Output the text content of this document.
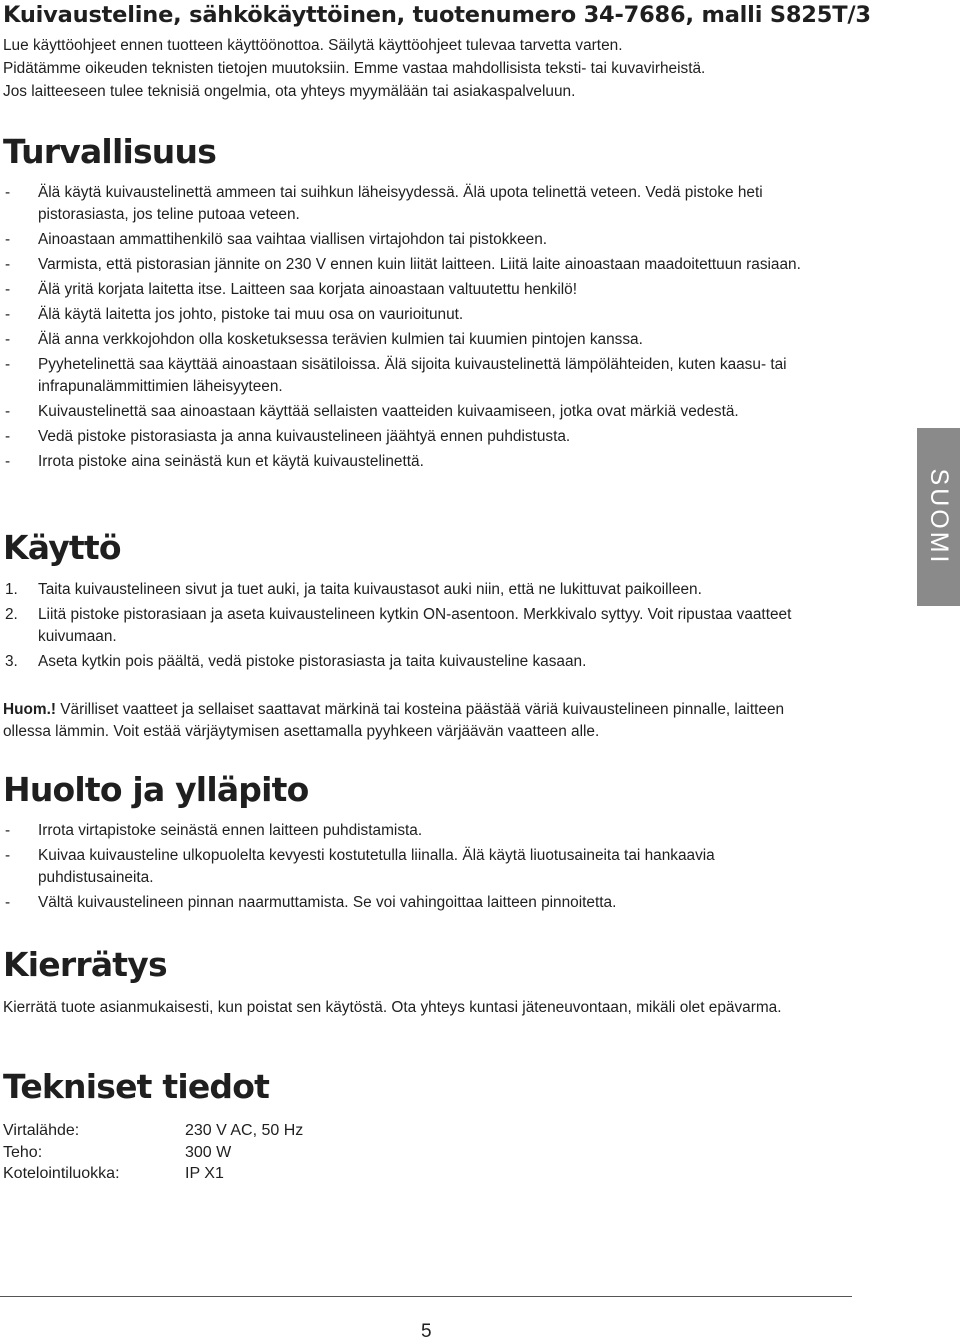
Kuivausteline, sähkökäyttöinen, tuotenumero 34-7686, malli S825T/3

Lue käyttöohjeet ennen tuotteen käyttöönottoa. Säilytä käyttöohjeet tulevaa tarvetta varten.

Pidätämme oikeuden teknisten tietojen muutoksiin. Emme vastaa mahdollisista teksti- tai kuvavirheistä.

Jos laitteeseen tulee teknisiä ongelmia, ota yhteys myymälään tai asiakaspalveluun.

Turvallisuus
- Älä käytä kuivaustelinettä ammeen tai suihkun läheisyydessä. Älä upota telinettä veteen. Vedä pistoke heti pistorasiasta, jos teline putoaa veteen.
- Ainoastaan ammattihenkilö saa vaihtaa viallisen virtajohdon tai pistokkeen.
- Varmista, että pistorasian jännite on 230 V ennen kuin liität laitteen. Liitä laite ainoastaan maadoitettuun rasiaan.
- Älä yritä korjata laitetta itse. Laitteen saa korjata ainoastaan valtuutettu henkilö!
- Älä käytä laitetta jos johto, pistoke tai muu osa on vaurioitunut.
- Älä anna verkkojohdon olla kosketuksessa terävien kulmien tai kuumien pintojen kanssa.
- Pyyhetelinettä saa käyttää ainoastaan sisätiloissa. Älä sijoita kuivaustelinettä lämpölähteiden, kuten kaasu- tai infrapunalämmittimien läheisyyteen.
- Kuivaustelinettä saa ainoastaan käyttää sellaisten vaatteiden kuivaamiseen, jotka ovat märkiä vedestä.
- Vedä pistoke pistorasiasta ja anna kuivaustelineen jäähtyä ennen puhdistusta.
- Irrota pistoke aina seinästä kun et käytä kuivaustelinettä.
Käyttö
1. Taita kuivaustelineen sivut ja tuet auki, ja taita kuivaustasot auki niin, että ne lukittuvat paikoilleen.
2. Liitä pistoke pistorasiaan ja aseta kuivaustelineen kytkin ON-asentoon. Merkkivalo syttyy. Voit ripustaa vaatteet kuivumaan.
3. Aseta kytkin pois päältä, vedä pistoke pistorasiasta ja taita kuivausteline kasaan.

Huom.! Värilliset vaatteet ja sellaiset saattavat märkinä tai kosteina päästää väriä kuivaustelineen pinnalle, laitteen ollessa lämmin. Voit estää värjäytymisen asettamalla pyyhkeen värjäävän vaatteen alle.

Huolto ja ylläpito
- Irrota virtapistoke seinästä ennen laitteen puhdistamista.
- Kuivaa kuivausteline ulkopuolelta kevyesti kostutetulla liinalla. Älä käytä liuotusaineita tai hankaavia puhdistusaineita.
- Vältä kuivaustelineen pinnan naarmuttamista. Se voi vahingoittaa laitteen pinnoitetta.
Kierrätys

Kierrätä tuote asianmukaisesti, kun poistat sen käytöstä. Ota yhteys kuntasi jäteneuvontaan, mikäli olet epävarma.

Tekniset tiedot
Virtalähde:	230 V AC, 50 Hz
Teho:	300 W
Kotelointiluokka:	IP X1
5
SUOMI
